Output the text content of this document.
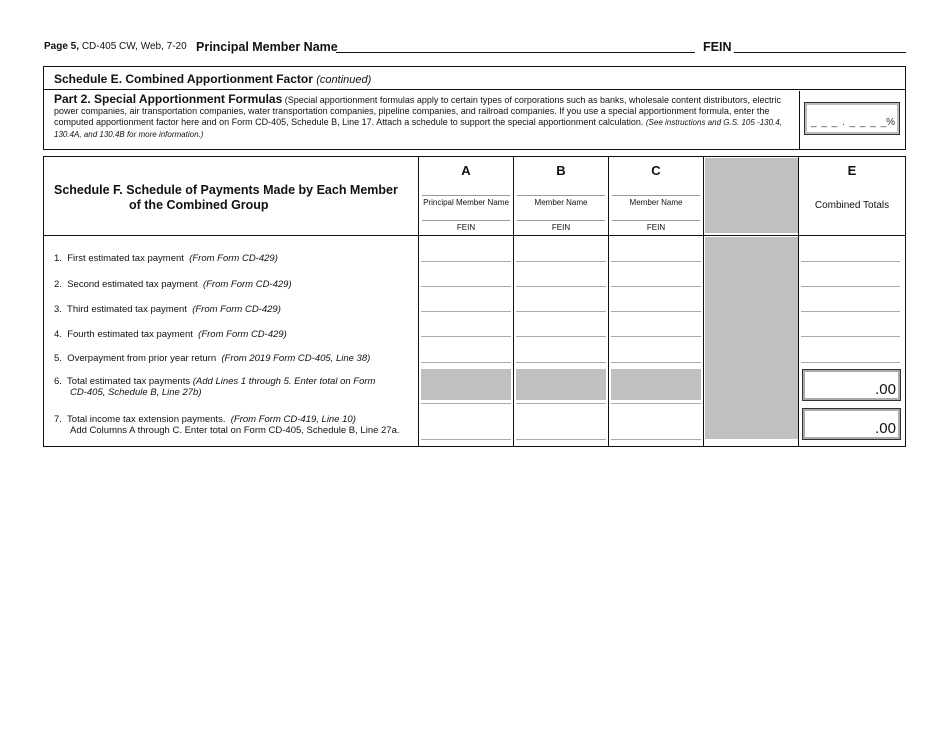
Page 5, CD-405 CW, Web, 7-20 Principal Member Name	FEIN
Schedule E. Combined Apportionment Factor (continued)
Part 2. Special Apportionment Formulas (Special apportionment formulas apply to certain types of corporations such as banks, wholesale content distributors, electric power companies, air transportation companies, water transportation companies, pipeline companies, and railroad companies. If you use a special apportionment formula, enter the computed apportionment factor here and on Form CD-405, Schedule B, Line 17. Attach a schedule to support the special apportionment calculation. (See instructions and G.S. 105 -130.4, 130.4A, and 130.4B for more information.)
_ _ _ . _ _ _ _
%
Schedule F. Schedule of Payments Made by Each Member
of the Combined Group
A
Principal Member Name
FEIN
B
Member Name
FEIN
C
Member Name
FEIN
E
Combined Totals
1. First estimated tax payment (From Form CD-429)
2. Second estimated tax payment (From Form CD-429)
3. Third estimated tax payment (From Form CD-429)
4. Fourth estimated tax payment (From Form CD-429)
5. Overpayment from prior year return (From 2019 Form CD-405, Line 38)
6. Total estimated tax payments (Add Lines 1 through 5. Enter total on Form
CD-405, Schedule B, Line 27b)
7. Total income tax extension payments. (From Form CD-419, Line 10)
Add Columns A through C. Enter total on Form CD-405, Schedule B, Line 27a.
.00
.00
